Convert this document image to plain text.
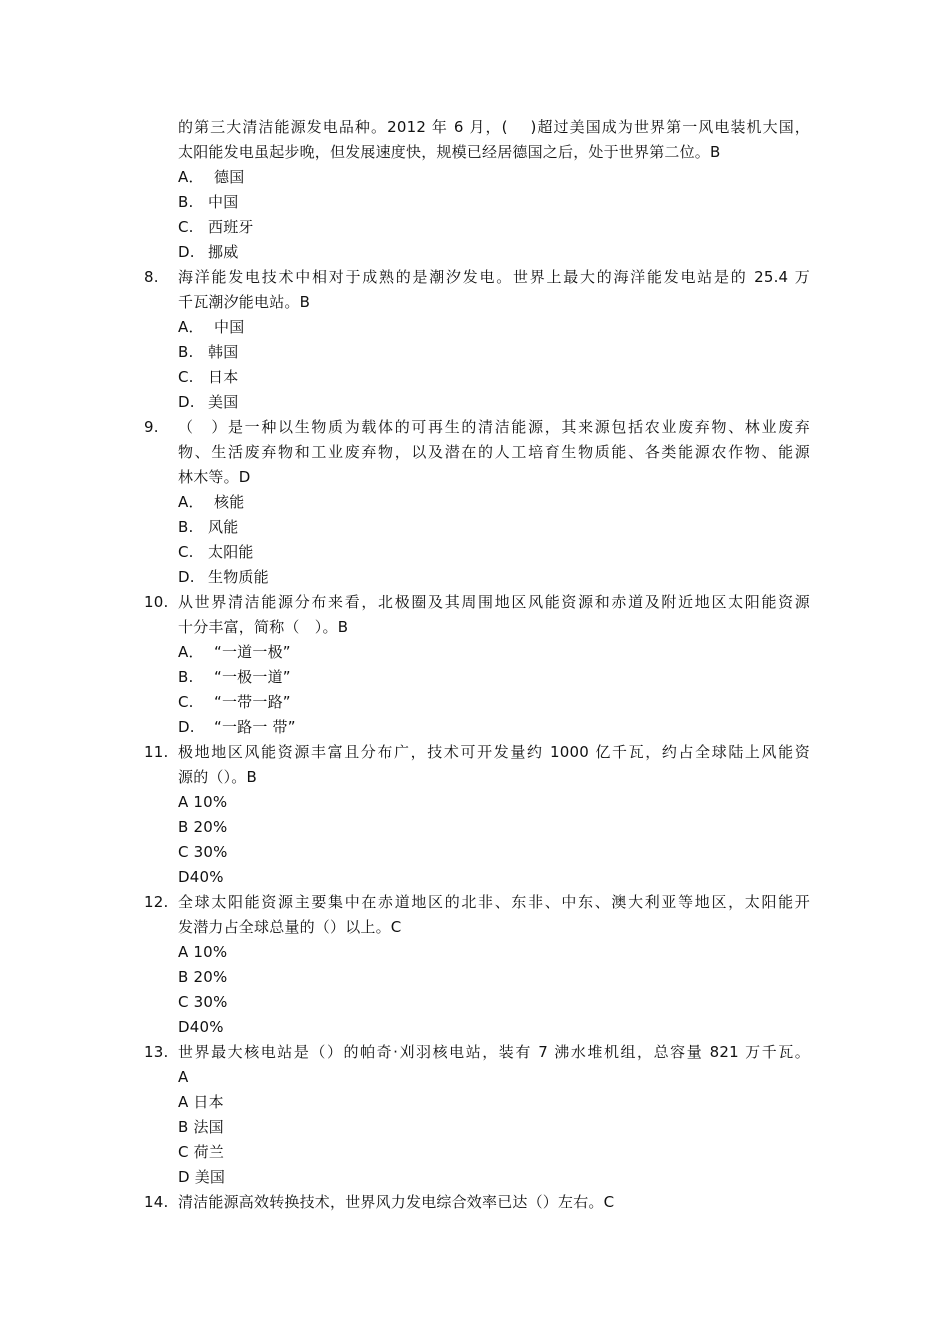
的第三大清洁能源发电品种。2012 年 6 月，(　 )超过美国成为世界第一风电装机大国，
太阳能发电虽起步晚，但发展速度快，规模已经居德国之后，处于世界第二位。B
A． 德国
B. 中国
C. 西班牙
D. 挪威
8.	海洋能发电技术中相对于成熟的是潮汐发电。世界上最大的海洋能发电站是的 25.4 万
千瓦潮汐能电站。B
A． 中国
B. 韩国
C. 日本
D. 美国
9.	（　）是一种以生物质为载体的可再生的清洁能源，其来源包括农业废弃物、林业废弃
物、生活废弃物和工业废弃物，以及潜在的人工培育生物质能、各类能源农作物、能源
林木等。D
A． 核能
B. 风能
C. 太阳能
D. 生物质能
10. 从世界清洁能源分布来看，北极圈及其周围地区风能资源和赤道及附近地区太阳能资源
十分丰富，简称（　）。B
A． “一道一极”
B. “一极一道”
C. “一带一路”
D. “一路一 带”
11. 极地地区风能资源丰富且分布广，技术可开发量约 1000 亿千瓦，约占全球陆上风能资
源的（）。B
A 10%
B 20%
C 30%
D40%
12. 全球太阳能资源主要集中在赤道地区的北非、东非、中东、澳大利亚等地区，太阳能开
发潜力占全球总量的（）以上。C
A 10%
B 20%
C 30%
D40%
13. 世界最大核电站是（）的帕奇·刈羽核电站，装有 7 沸水堆机组，总容量 821 万千瓦。
A
A 日本
B 法国
C 荷兰
D 美国
14. 清洁能源高效转换技术，世界风力发电综合效率已达（）左右。C
